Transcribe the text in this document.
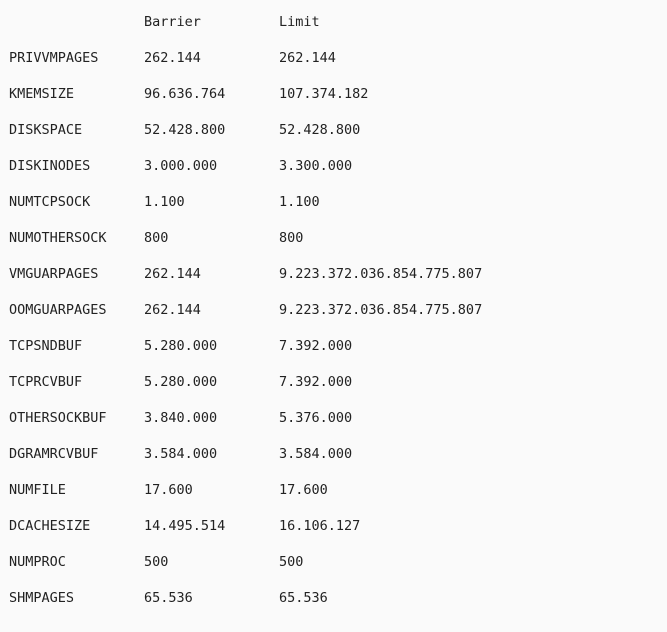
	Barrier	Limit
PRIVVMPAGES	262.144	262.144
KMEMSIZE	96.636.764	107.374.182
DISKSPACE	52.428.800	52.428.800
DISKINODES	3.000.000	3.300.000
NUMTCPSOCK	1.100	1.100
NUMOTHERSOCK	800	800
VMGUARPAGES	262.144	9.223.372.036.854.775.807
OOMGUARPAGES	262.144	9.223.372.036.854.775.807
TCPSNDBUF	5.280.000	7.392.000
TCPRCVBUF	5.280.000	7.392.000
OTHERSOCKBUF	3.840.000	5.376.000
DGRAMRCVBUF	3.584.000	3.584.000
NUMFILE	17.600	17.600
DCACHESIZE	14.495.514	16.106.127
NUMPROC	500	500
SHMPAGES	65.536	65.536
